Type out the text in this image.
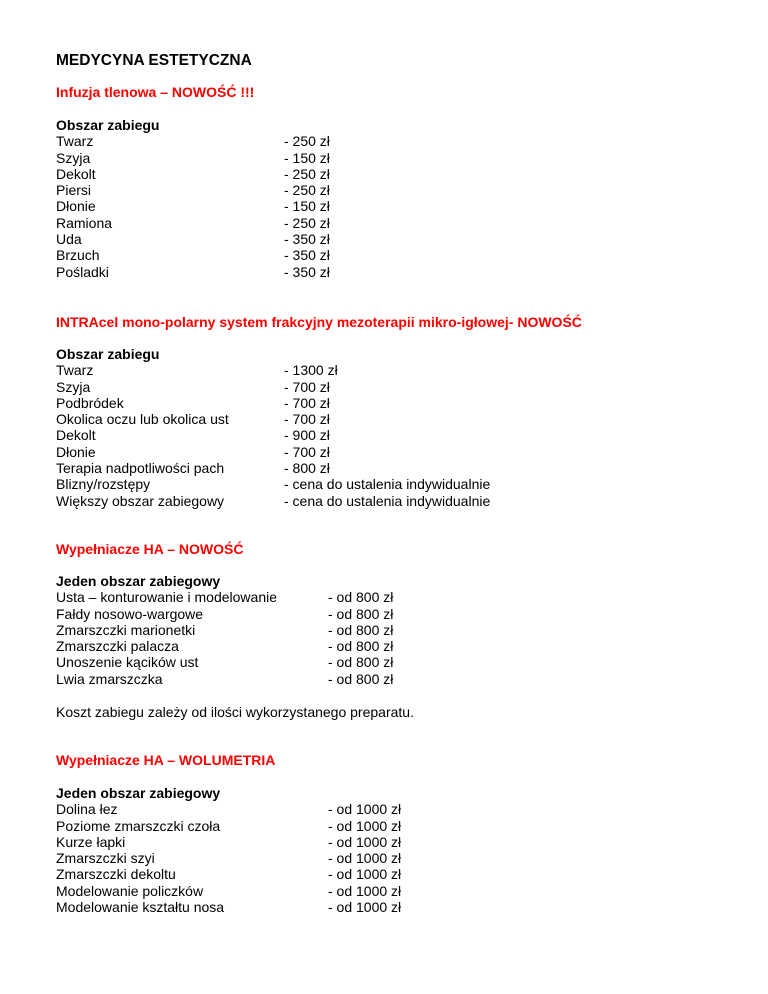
MEDYCYNA ESTETYCZNA
Infuzja tlenowa – NOWOŚĆ !!!
Obszar zabiegu
Twarz	- 250 zł
Szyja	- 150 zł
Dekolt	- 250 zł
Piersi	- 250 zł
Dłonie	- 150 zł
Ramiona	- 250 zł
Uda	- 350 zł
Brzuch	- 350 zł
Pośladki	- 350 zł
INTRAcel mono-polarny system frakcyjny mezoterapii mikro-igłowej- NOWOŚĆ
Obszar zabiegu
Twarz	- 1300 zł
Szyja	- 700 zł
Podbródek	- 700 zł
Okolica oczu lub okolica ust	- 700 zł
Dekolt	- 900 zł
Dłonie	- 700 zł
Terapia nadpotliwości pach	- 800 zł
Blizny/rozstępy	- cena do ustalenia indywidualnie
Większy obszar zabiegowy	- cena do ustalenia indywidualnie
Wypełniacze HA – NOWOŚĆ
Jeden obszar zabiegowy
Usta – konturowanie i modelowanie	- od 800 zł
Fałdy nosowo-wargowe	- od 800 zł
Zmarszczki marionetki	- od 800 zł
Zmarszczki palacza	- od 800 zł
Unoszenie kącików ust	- od 800 zł
Lwia zmarszczka	- od 800 zł
Koszt zabiegu zależy od ilości wykorzystanego preparatu.
Wypełniacze HA – WOLUMETRIA
Jeden obszar zabiegowy
Dolina łez	- od 1000 zł
Poziome zmarszczki czoła	- od 1000 zł
Kurze łapki	- od 1000 zł
Zmarszczki szyi	- od 1000 zł
Zmarszczki dekoltu	- od 1000 zł
Modelowanie policzków	- od 1000 zł
Modelowanie kształtu nosa	- od 1000 zł
